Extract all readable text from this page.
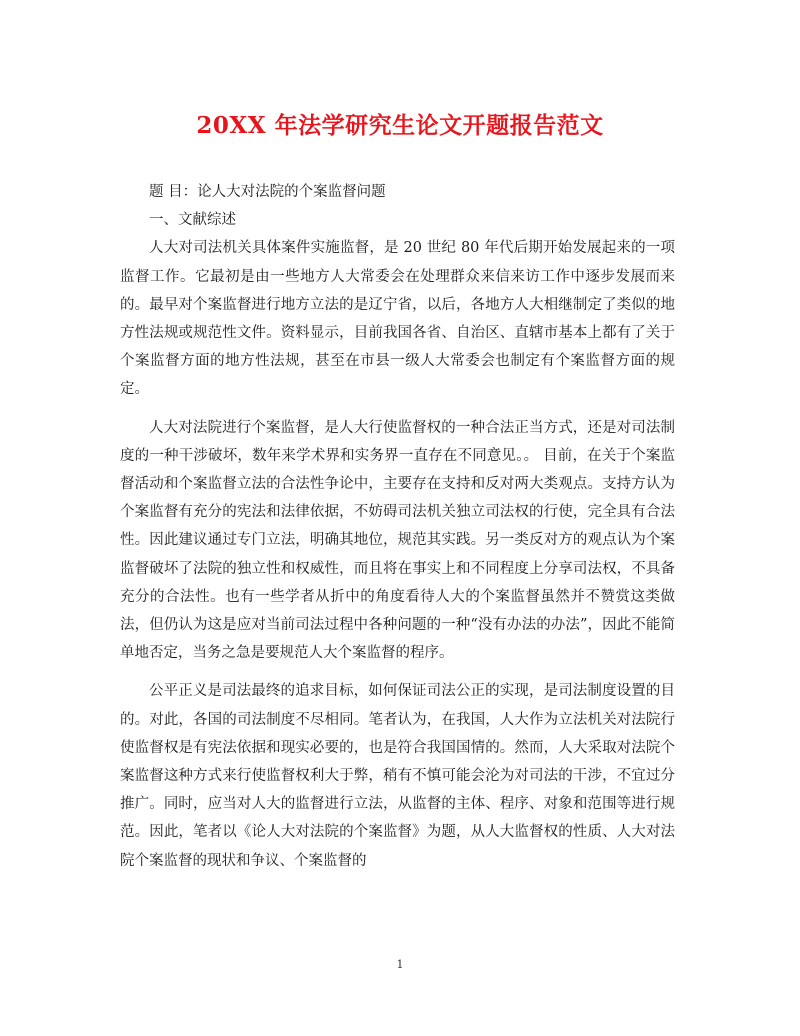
20XX 年法学研究生论文开题报告范文

题 目：论人大对法院的个案监督问题

一、文献综述

人大对司法机关具体案件实施监督，是 20 世纪 80 年代后期开始发展起来的一项监督工作。它最初是由一些地方人大常委会在处理群众来信来访工作中逐步发展而来的。最早对个案监督进行地方立法的是辽宁省，以后，各地方人大相继制定了类似的地方性法规或规范性文件。资料显示，目前我国各省、自治区、直辖市基本上都有了关于个案监督方面的地方性法规，甚至在市县一级人大常委会也制定有个案监督方面的规定。

人大对法院进行个案监督，是人大行使监督权的一种合法正当方式，还是对司法制度的一种干涉破坏，数年来学术界和实务界一直存在不同意见。。 目前，在关于个案监督活动和个案监督立法的合法性争论中，主要存在支持和反对两大类观点。支持方认为个案监督有充分的宪法和法律依据，不妨碍司法机关独立司法权的行使，完全具有合法性。因此建议通过专门立法，明确其地位，规范其实践。另一类反对方的观点认为个案监督破坏了法院的独立性和权威性，而且将在事实上和不同程度上分享司法权，不具备充分的合法性。也有一些学者从折中的角度看待人大的个案监督虽然并不赞赏这类做法，但仍认为这是应对当前司法过程中各种问题的一种“没有办法的办法”，因此不能简单地否定，当务之急是要规范人大个案监督的程序。

公平正义是司法最终的追求目标，如何保证司法公正的实现，是司法制度设置的目的。对此，各国的司法制度不尽相同。笔者认为，在我国，人大作为立法机关对法院行使监督权是有宪法依据和现实必要的，也是符合我国国情的。然而，人大采取对法院个案监督这种方式来行使监督权利大于弊，稍有不慎可能会沦为对司法的干涉，不宜过分推广。同时，应当对人大的监督进行立法，从监督的主体、程序、对象和范围等进行规范。因此，笔者以《论人大对法院的个案监督》为题，从人大监督权的性质、人大对法院个案监督的现状和争议、个案监督的

1
